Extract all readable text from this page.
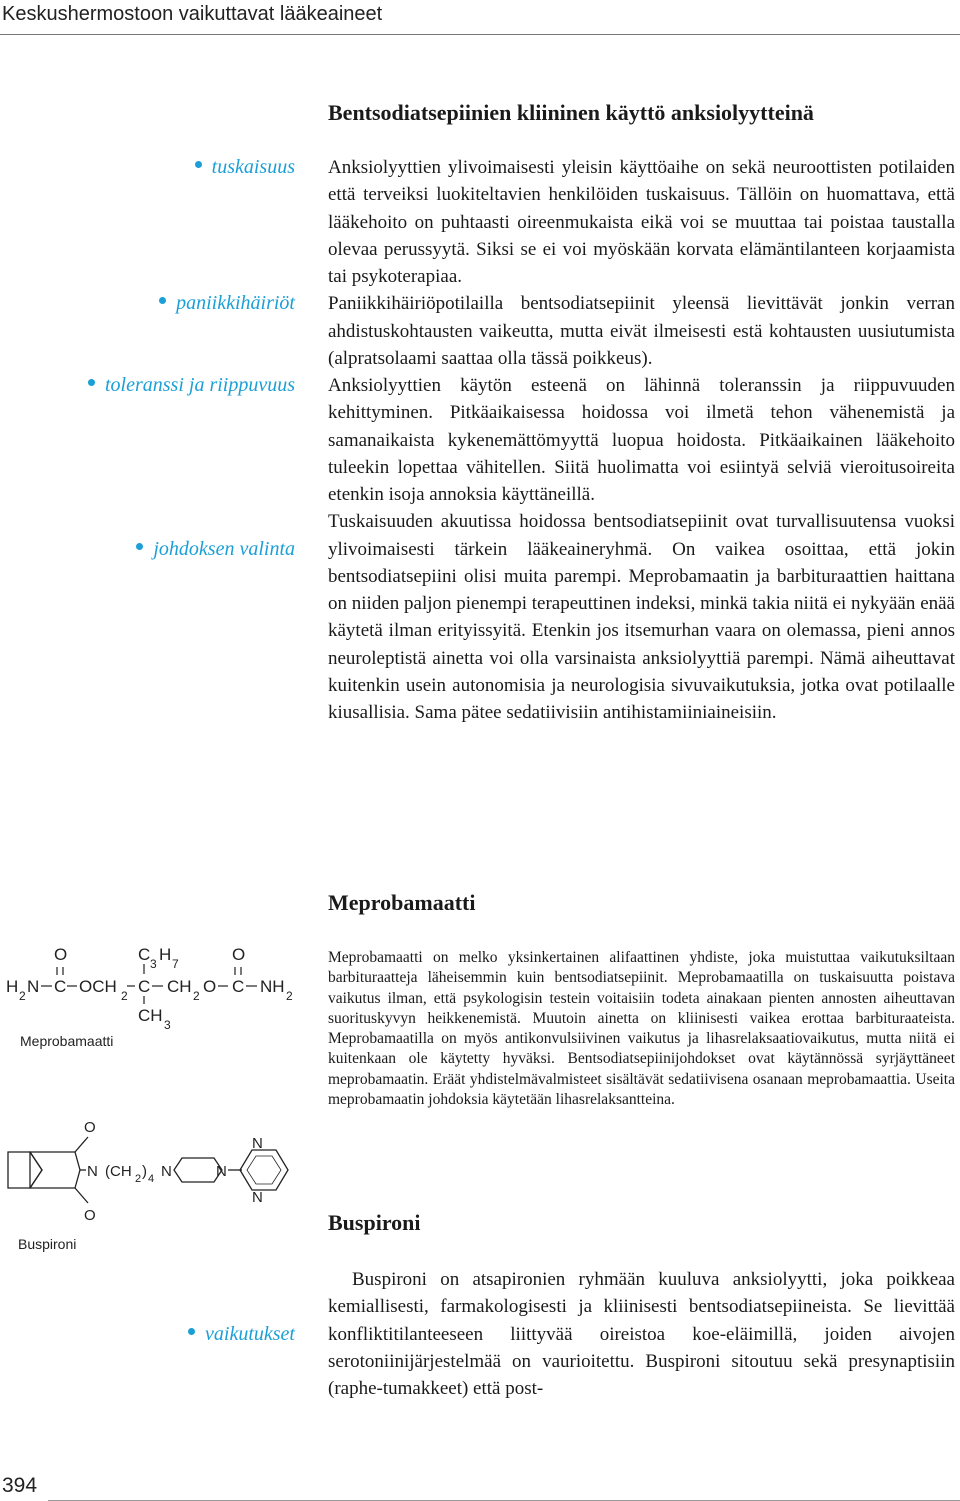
Keskushermostoon vaikuttavat lääkeaineet
Bentsodiatsepiinien kliininen käyttö anksiolyytteinä
tuskaisuus
paniikkihäiriöt
toleranssi ja riippuvuus
johdoksen valinta

Anksiolyyttien ylivoimaisesti yleisin käyttöaihe on sekä neuroottisten potilaiden että terveiksi luokiteltavien henkilöiden tuskaisuus. Tällöin on huomattava, että lääkehoito on puhtaasti oireenmukaista eikä voi se muuttaa tai poistaa taustalla olevaa perussyytä. Siksi se ei voi myöskään korvata elämäntilanteen korjaamista tai psykoterapiaa.

Paniikkihäiriöpotilailla bentsodiatsepiinit yleensä lievittävät jonkin verran ahdistuskohtausten vaikeutta, mutta eivät ilmeisesti estä kohtausten uusiutumista (alpratsolaami saattaa olla tässä poikkeus).

Anksiolyyttien käytön esteenä on lähinnä toleranssin ja riippuvuuden kehittyminen. Pitkäaikaisessa hoidossa voi ilmetä tehon vähenemistä ja samanaikaista kykenemättömyyttä luopua hoidosta. Pitkäaikainen lääkehoito tuleekin lopettaa vähitellen. Siitä huolimatta voi esiintyä selviä vieroitusoireita etenkin isoja annoksia käyttäneillä.

Tuskaisuuden akuutissa hoidossa bentsodiatsepiinit ovat turvallisuutensa vuoksi ylivoimaisesti tärkein lääkeaineryhmä. On vaikea osoittaa, että jokin bentsodiatsepiini olisi muita parempi. Meprobamaatin ja barbituraattien haittana on niiden paljon pienempi terapeuttinen indeksi, minkä takia niitä ei nykyään enää käytetä ilman erityissyitä. Etenkin jos itsemurhan vaara on olemassa, pieni annos neuroleptistä ainetta voi olla varsinaista anksiolyyttiä parempi. Nämä aiheuttavat kuitenkin usein autonomisia ja neurologisia sivuvaikutuksia, jotka ovat potilaalle kiusallisia. Sama pätee sedatiivisiin antihistamiiniaineisiin.

Meprobamaatti
O
H 2 N C OCH 2
C 3 H 7
C CH 2 O
O
C NH 2
CH 3
Meprobamaatti

Meprobamaatti on melko yksinkertainen alifaattinen yhdiste, joka muistuttaa vaikutuksiltaan barbituraatteja läheisemmin kuin bentsodiatsepiinit. Meprobamaatilla on tuskaisuutta poistava vaikutus ilman, että psykologisin testein voitaisiin todeta ainakaan pienten annosten aiheuttavan suorituskyvyn heikkenemistä. Muutoin ainetta on kliinisesti vaikea erottaa barbituraateista. Meprobamaatilla on myös antikonvulsiivinen vaikutus ja lihasrelaksaatiovaikutus, mutta niitä ei kuitenkaan ole käytetty hyväksi. Bentsodiatsepiinijohdokset ovat käytännössä syrjäyttäneet meprobamaatin. Eräät yhdistelmävalmisteet sisältävät sedatiivisena osanaan meprobamaattia. Useita meprobamaatin johdoksia käytetään lihasrelaksantteina.

O
O
N (CH 2 ) 4 N	N
N
N
Buspironi
Buspironi
vaikutukset

Buspironi on atsapironien ryhmään kuuluva anksiolyytti, joka poikkeaa kemiallisesti, farmakologisesti ja kliinisesti bentsodiatsepiineista. Se lievittää konfliktitilanteeseen liittyvää oireistoa koe-eläimillä, joiden aivojen serotoniinijärjestelmää on vaurioitettu. Buspironi sitoutuu sekä presynaptisiin (raphe-tumakkeet) että post-

394
